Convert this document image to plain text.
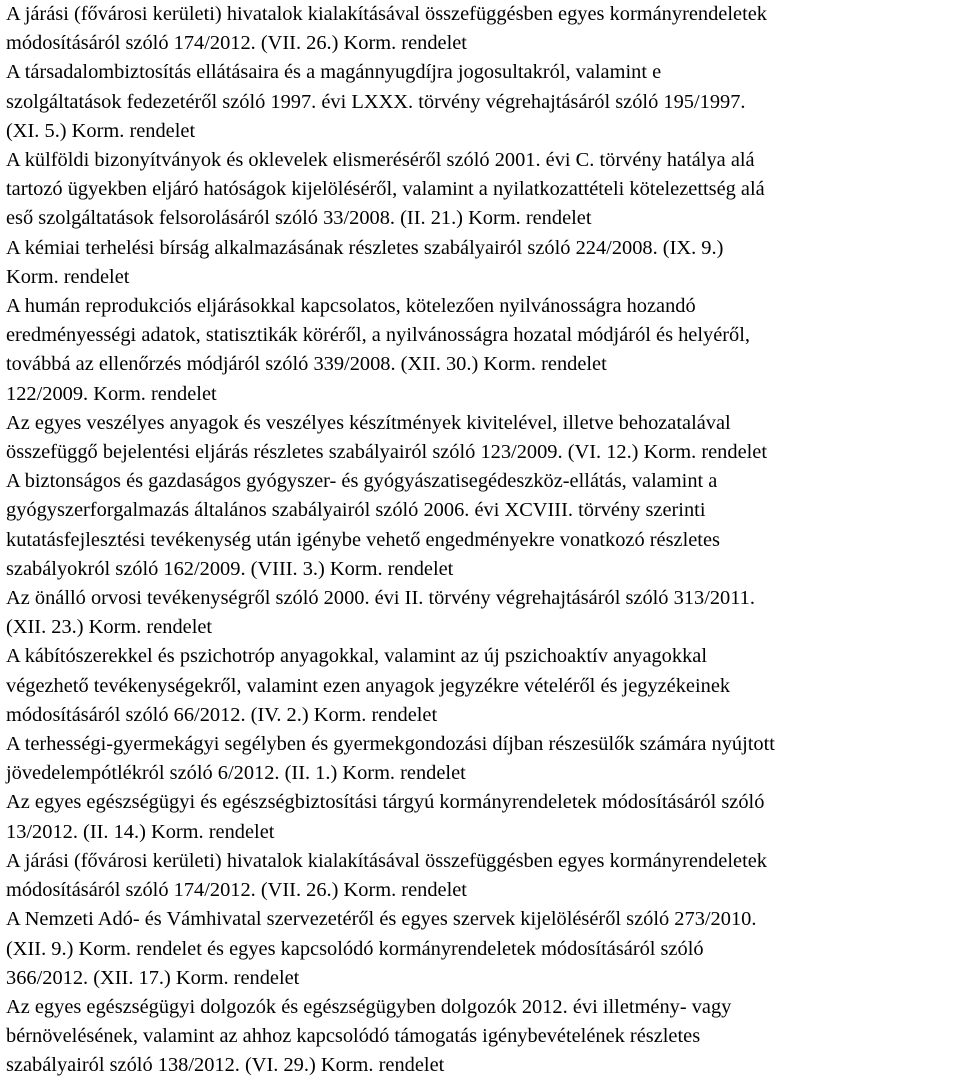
A járási (fővárosi kerületi) hivatalok kialakításával összefüggésben egyes kormányrendeletek
módosításáról szóló 174/2012. (VII. 26.) Korm. rendelet

A társadalombiztosítás ellátásaira és a magánnyugdíjra jogosultakról, valamint e
szolgáltatások fedezetéről szóló 1997. évi LXXX. törvény végrehajtásáról szóló 195/1997.
(XI. 5.) Korm. rendelet

A külföldi bizonyítványok és oklevelek elismeréséről szóló 2001. évi C. törvény hatálya alá
tartozó ügyekben eljáró hatóságok kijelöléséről, valamint a nyilatkozattételi kötelezettség alá
eső szolgáltatások felsorolásáról szóló 33/2008. (II. 21.) Korm. rendelet

A kémiai terhelési bírság alkalmazásának részletes szabályairól szóló 224/2008. (IX. 9.)
Korm. rendelet

A humán reprodukciós eljárásokkal kapcsolatos, kötelezően nyilvánosságra hozandó
eredményességi adatok, statisztikák köréről, a nyilvánosságra hozatal módjáról és helyéről,
továbbá az ellenőrzés módjáról szóló 339/2008. (XII. 30.) Korm. rendelet

122/2009. Korm. rendelet

Az egyes veszélyes anyagok és veszélyes készítmények kivitelével, illetve behozatalával
összefüggő bejelentési eljárás részletes szabályairól szóló 123/2009. (VI. 12.) Korm. rendelet

A biztonságos és gazdaságos gyógyszer- és gyógyászatisegédeszköz-ellátás, valamint a
gyógyszerforgalmazás általános szabályairól szóló 2006. évi XCVIII. törvény szerinti
kutatásfejlesztési tevékenység után igénybe vehető engedményekre vonatkozó részletes
szabályokról szóló 162/2009. (VIII. 3.) Korm. rendelet

Az önálló orvosi tevékenységről szóló 2000. évi II. törvény végrehajtásáról szóló 313/2011.
(XII. 23.) Korm. rendelet

A kábítószerekkel és pszichotróp anyagokkal, valamint az új pszichoaktív anyagokkal
végezhető tevékenységekről, valamint ezen anyagok jegyzékre vételéről és jegyzékeinek
módosításáról szóló 66/2012. (IV. 2.) Korm. rendelet

A terhességi-gyermekágyi segélyben és gyermekgondozási díjban részesülők számára nyújtott
jövedelempótlékról szóló 6/2012. (II. 1.) Korm. rendelet

Az egyes egészségügyi és egészségbiztosítási tárgyú kormányrendeletek módosításáról szóló
13/2012. (II. 14.) Korm. rendelet

A járási (fővárosi kerületi) hivatalok kialakításával összefüggésben egyes kormányrendeletek
módosításáról szóló 174/2012. (VII. 26.) Korm. rendelet

A Nemzeti Adó- és Vámhivatal szervezetéről és egyes szervek kijelöléséről szóló 273/2010.
(XII. 9.) Korm. rendelet és egyes kapcsolódó kormányrendeletek módosításáról szóló
366/2012. (XII. 17.) Korm. rendelet

Az egyes egészségügyi dolgozók és egészségügyben dolgozók 2012. évi illetmény- vagy
bérnövelésének, valamint az ahhoz kapcsolódó támogatás igénybevételének részletes
szabályairól szóló 138/2012. (VI. 29.) Korm. rendelet
